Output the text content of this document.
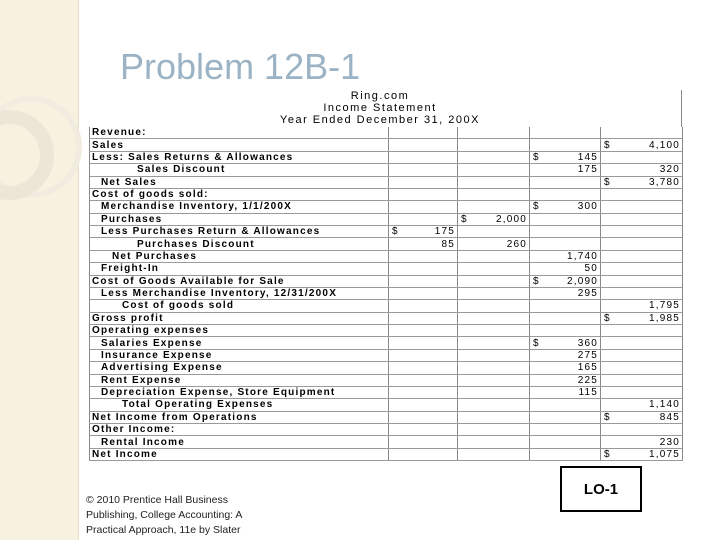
Problem 12B-1
Ring.com
Income Statement
Year Ended December 31, 200X
Revenue:				
Sales				$ 4,100
Less: Sales Returns & Allowances			$ 145	
Sales Discount			175	320
Net Sales				$ 3,780
Cost of goods sold:				
Merchandise Inventory, 1/1/200X			$ 300	
Purchases		$ 2,000		
Less Purchases Return & Allowances	$ 175			
Purchases Discount	85	260		
Net Purchases			1,740	
Freight-In			50	
Cost of Goods Available for Sale			$ 2,090	
Less Merchandise Inventory, 12/31/200X			295	
Cost of goods sold				1,795
Gross profit				$ 1,985
Operating expenses				
Salaries Expense			$ 360	
Insurance Expense			275	
Advertising Expense			165	
Rent Expense			225	
Depreciation Expense, Store Equipment			115	
Total Operating Expenses				1,140
Net Income from Operations				$ 845
Other Income:				
Rental Income				230
Net Income				$ 1,075
© 2010 Prentice Hall Business Publishing, College Accounting: A Practical Approach, 11e by Slater
LO-1
